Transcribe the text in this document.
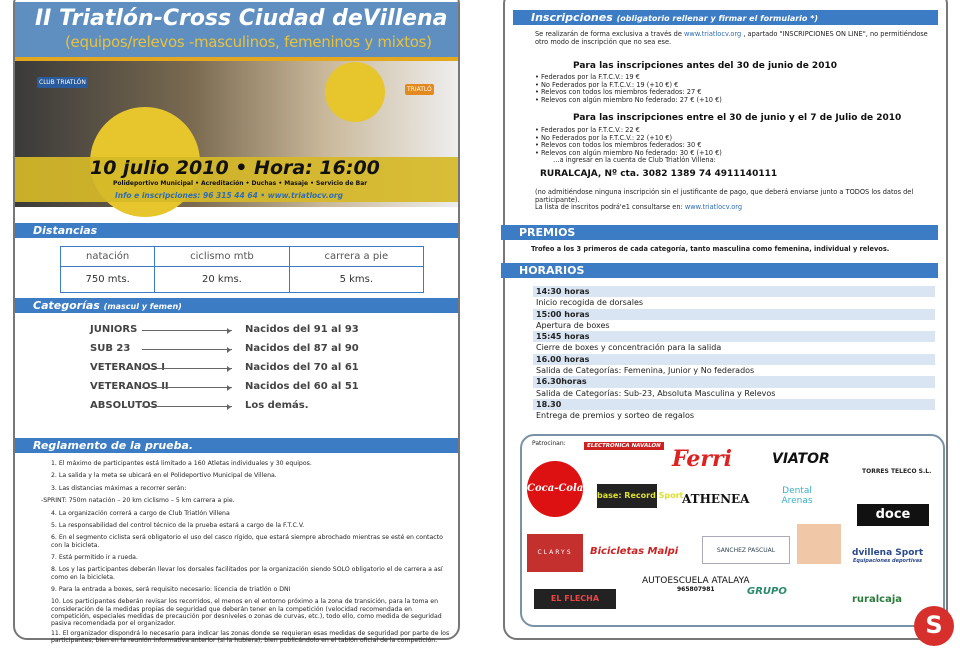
II Triatlón-Cross Ciudad deVillena
(equipos/relevos -masculinos, femeninos y mixtos)
CLUB TRIATLÓN
TRIATLÓ
10 julio 2010 • Hora: 16:00
Polideportivo Municipal • Acreditación • Duchas • Masaje • Servicio de Bar
Info e inscripciones: 96 315 44 64 • www.triatlocv.org
Distancias
natación	ciclismo mtb	carrera a pie
750 mts.	20 kms.	5 kms.
Categorías (mascul y femen)
JUNIORS	Nacidos del 91 al 93
SUB 23	Nacidos del 87 al 90
VETERANOS I	Nacidos del 70 al 61
VETERANOS II	Nacidos del 60 al 51
ABSOLUTOS	Los demás.
Reglamento de la prueba.
1. El máximo de participantes está limitado a 160 Atletas individuales y 30 equipos.
2. La salida y la meta se ubicará en el Polideportivo Municipal de Villena.
3. Las distancias máximas a recorrer serán:
-SPRINT: 750m natación – 20 km ciclismo – 5 km carrera a pie.
4. La organización correrá a cargo de Club Triatlón Villena
5. La responsabilidad del control técnico de la prueba estará a cargo de la F.T.C.V.
6. En el segmento ciclista será obligatorio el uso del casco rígido, que estará siempre abrochado mientras se esté en contacto con la bicicleta.
7. Está permitido ir a rueda.
8. Los y las participantes deberán llevar los dorsales facilitados por la organización siendo SOLO obligatorio el de carrera a así como en la bicicleta.
9. Para la entrada a boxes, será requisito necesario: licencia de triatlón o DNI
10. Los participantes deberán revisar los recorridos, el menos en el entorno próximo a la zona de transición, para la toma en consideración de la medidas propias de seguridad que deberán tener en la competición (velocidad recomendada en competición, especiales medidas de precaución por desniveles o zonas de curvas, etc.), todo ello, como medida de seguridad pasiva recomendada por el organizador.
11. El organizador dispondrá lo necesario para indicar las zonas donde se requieran esas medidas de seguridad por parte de los participantes, bien en la reunión informativa anterior (si la hubiera), bien publicándolo en el tablón oficial de la competición.
Inscripciones (obligatorio rellenar y firmar el formulario *)
Se realizarán de forma exclusiva a través de www.triatlocv.org , apartado "INSCRIPCIONES ON LINE", no permitiéndose otro modo de inscripción que no sea ese.
Para las inscripciones antes del 30 de junio de 2010
• Federados por la F.T.C.V.: 19 €
• No Federados por la F.T.C.V.: 19 (+10 €) €
• Relevos con todos los miembros federados: 27 €
• Relevos con algún miembro No federado: 27 € (+10 €)
Para las inscripciones entre el 30 de junio y el 7 de Julio de 2010
• Federados por la F.T.C.V.: 22 €
• No Federados por la F.T.C.V.: 22 (+10 €)
• Relevos con todos los miembros federados: 30 €
• Relevos con algún miembro No federado: 30 € (+10 €)
…a ingresar en la cuenta de Club Triatlón Villena:
RURALCAJA, Nº cta. 3082 1389 74 4911140111
(no admitiéndose ninguna inscripción sin el justificante de pago, que deberá enviarse junto a TODOS los datos del participante).
La lista de inscritos podrá'e1 consultarse en: www.triatlocv.org
PREMIOS
Trofeo a los 3 primeros de cada categoría, tanto masculina como femenina, individual y relevos.
HORARIOS
14:30 horas
Inicio recogida de dorsales
15:00 horas
Apertura de boxes
15:45 horas
Cierre de boxes y concentración para la salida
16.00 horas
Salida de Categorías: Femenina, Junior y No federados
16.30horas
Salida de Categorías: Sub-23, Absoluta Masculina y Relevos
18.30
Entrega de premios y sorteo de regalos
Patrocinan:	ELECTRONICA NAVALON Ferri	VIATOR
TORRES TELECO S.L.
Coca-Cola
base: Record Sport
ATHENEA
Dental Arenas
doce
CLARYS	Bicicletas Malpi	SANCHEZ PASCUAL	dvillena Sport
Equipaciones deportivas
EL FLECHA
AUTOESCUELA ATALAYA
965807981	GRUPO
ruralcaja
S
